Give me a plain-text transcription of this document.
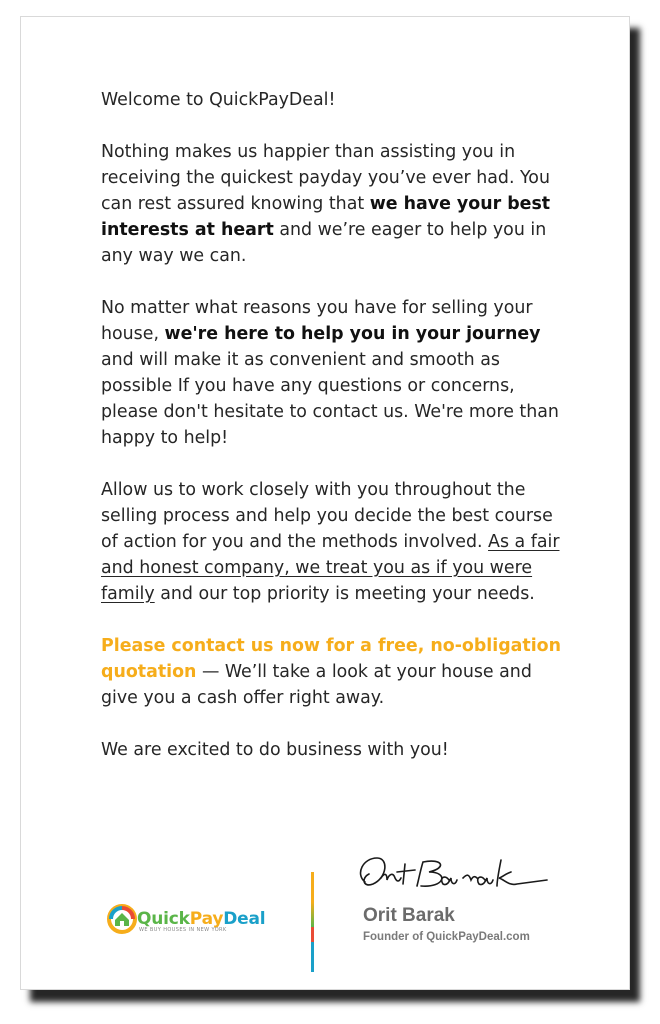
Welcome to QuickPayDeal!

Nothing makes us happier than assisting you in receiving the quickest payday you’ve ever had. You can rest assured knowing that we have your best interests at heart and we’re eager to help you in any way we can.

No matter what reasons you have for selling your house, we're here to help you in your journey and will make it as convenient and smooth as possible If you have any questions or concerns, please don't hesitate to contact us. We're more than happy to help!

Allow us to work closely with you throughout the selling process and help you decide the best course of action for you and the methods involved. As a fair and honest company, we treat you as if you were family and our top priority is meeting your needs.

Please contact us now for a free, no-obligation quotation — We’ll take a look at your house and give you a cash offer right away.

We are excited to do business with you!

QuickPayDeal
WE BUY HOUSES IN NEW YORK
Orit Barak
Founder of QuickPayDeal.com
